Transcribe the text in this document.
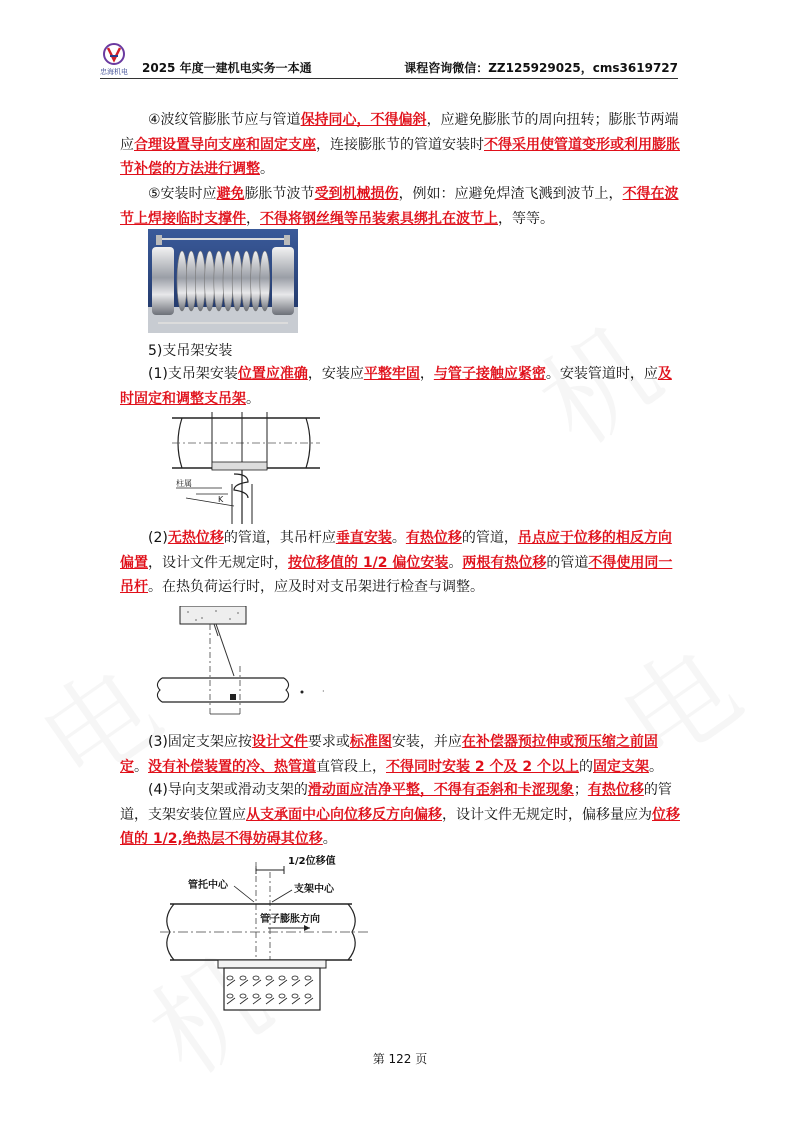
忠海机电 2025 年度一建机电实务一本通	课程咨询微信：ZZ125929025，cms3619727
④波纹管膨胀节应与管道保持同心，不得偏斜，应避免膨胀节的周向扭转；膨胀节两端应合理设置导向支座和固定支座，连接膨胀节的管道安装时不得采用使管道变形或利用膨胀节补偿的方法进行调整。
⑤安装时应避免膨胀节波节受到机械损伤，例如：应避免焊渣飞溅到波节上，不得在波节上焊接临时支撑件，不得将钢丝绳等吊装索具绑扎在波节上，等等。
5)支吊架安装
(1)支吊架安装位置应准确，安装应平整牢固，与管子接触应紧密。安装管道时，应及时固定和调整支吊架。
柱属
K
(2)无热位移的管道，其吊杆应垂直安装。有热位移的管道，吊点应于位移的相反方向偏置，设计文件无规定时，按位移值的 1/2 偏位安装。两根有热位移的管道不得使用同一吊杆。在热负荷运行时，应及时对支吊架进行检查与调整。
·
(3)固定支架应按设计文件要求或标准图安装，并应在补偿器预拉伸或预压缩之前固定。没有补偿装置的冷、热管道直管段上，不得同时安装 2 个及 2 个以上的固定支架。
(4)导向支架或滑动支架的滑动面应洁净平整，不得有歪斜和卡涩现象；有热位移的管道，支架安装位置应从支承面中心向位移反方向偏移，设计文件无规定时，偏移量应为位移值的 1/2,绝热层不得妨碍其位移。
1/2位移值
管托中心	支架中心
管子膨胀方向
第 122 页
